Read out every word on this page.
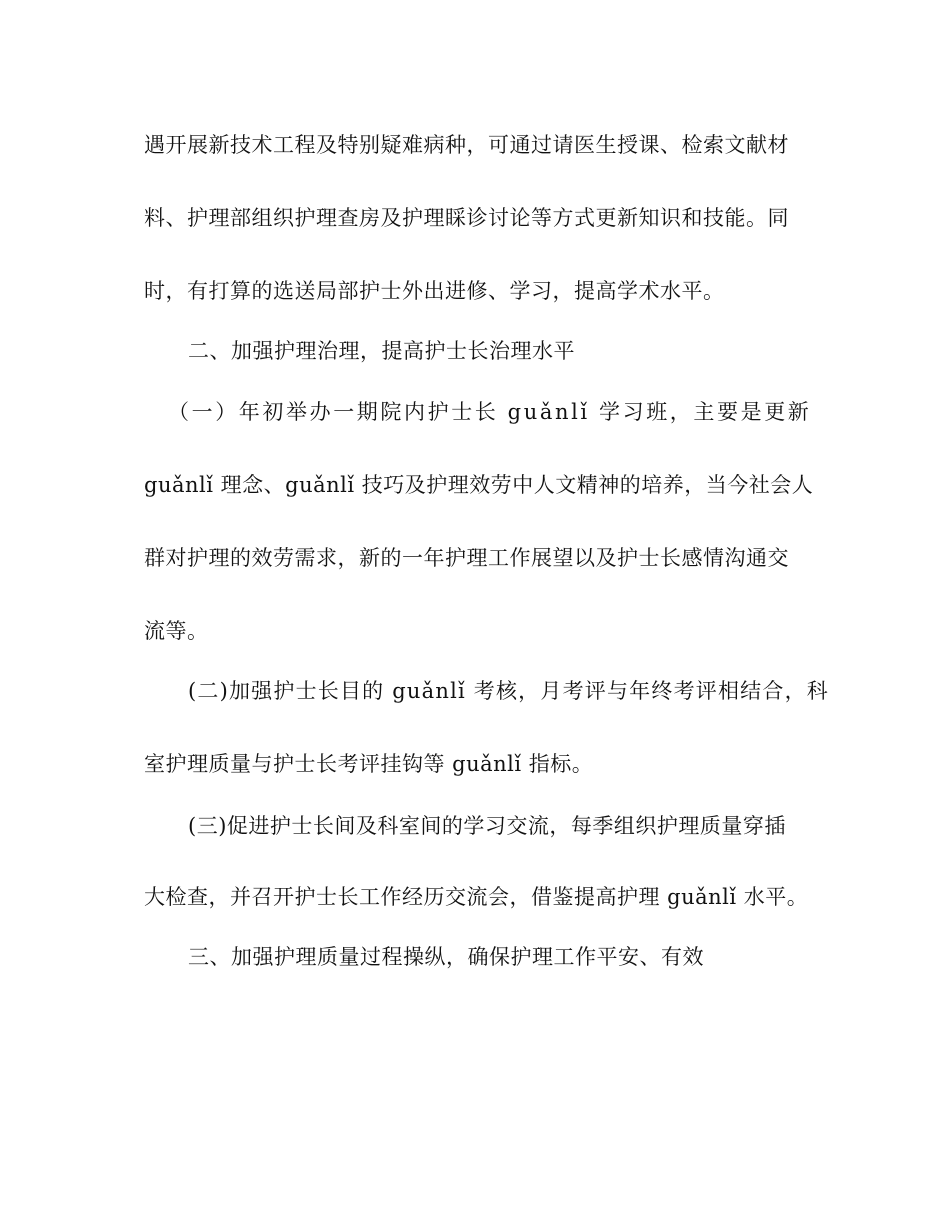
遇开展新技术工程及特别疑难病种，可通过请医生授课、检索文献材
料、护理部组织护理查房及护理睬诊讨论等方式更新知识和技能。同
时，有打算的选送局部护士外出进修、学习，提高学术水平。
二、加强护理治理，提高护士长治理水平
（一）年初举办一期院内护士长 guǎnlǐ 学习班，主要是更新
guǎnlǐ 理念、guǎnlǐ 技巧及护理效劳中人文精神的培养，当今社会人
群对护理的效劳需求，新的一年护理工作展望以及护士长感情沟通交
流等。
(二)加强护士长目的 guǎnlǐ 考核，月考评与年终考评相结合，科
室护理质量与护士长考评挂钩等 guǎnlǐ 指标。
(三)促进护士长间及科室间的学习交流，每季组织护理质量穿插
大检查，并召开护士长工作经历交流会，借鉴提高护理 guǎnlǐ 水平。
三、加强护理质量过程操纵，确保护理工作平安、有效
